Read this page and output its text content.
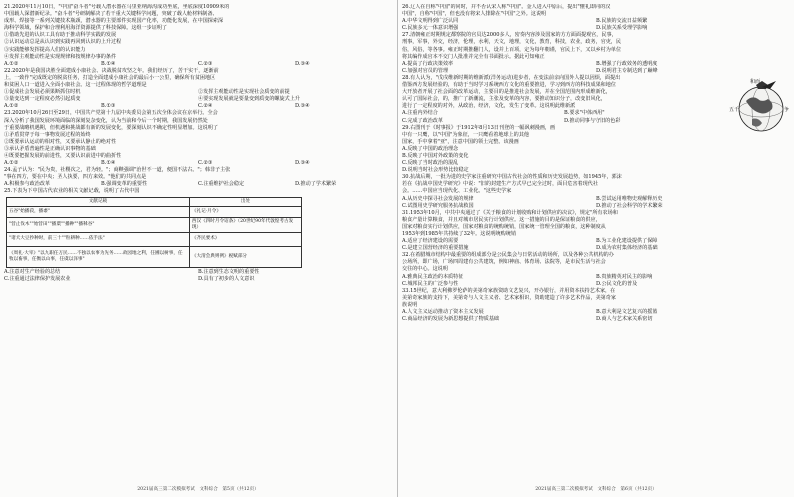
21.2020年11月10日，"中国"奋斗者"号载人潜水器在马里亚纳海沟成功坐底，坐底深度10909米的

中国载人深潜新纪录。"奋斗者"号研制解决了若干重大关键科学问题，突破了载人舱材料制备、

成形、焊接等一系列关键技术瓶颈，潜水器的主要部件实现国产化率，功能化发展，在中国探索深

海科学领域，保护和合理利用海洋资源提供了科技保障。这组一步证明了

①借助先进的认识工具有助于推动科学实践的发展

②认识运动总是从认识到实践再回到认识的上升过程

③实践能够发挥提高人们的认识能力

④发挥主观能动性是实现规律和按规律办事的条件

A.①②	B.①④	C.②③	D.③④

22.2020年是我国决胜全面建成小康社会、决战脱贫攻坚之年。我们经历了，苦干实干，逐渐前

上，一致作"完成既定的脱贫任务，打造全面建成小康社会的最后小一公里，确保所有贫困地区

和贫困人口一道进入全面小康社会。这一过程体现的哲学道理是

①促成社会发展必须果断抓住时机	②发挥主观能动性是实现社会质变的前提
③量变达到一定程度必然引起质变	④要实现发展就是要量变到质变的螺旋式上升
A.①②	B.①③	C.②④	D.③④

23.2020年10月26日至29日，中国共产党第十九届中央委员会第五次全体会议在京举行。全会

深入分析了我国发展环境面临的深刻复杂变化，认为当前和今后一个时期，我国发展仍然处

于重要战略机遇期，但机遇和挑战都有新的发展变化，要深刻认识不确定性明显增加。这说明了

①矛盾贯穿于每一事物发展过程的始终

②既要承认运动的相对性，又要承认静止的绝对性

③承认矛盾普遍性是正确认识事物的基础

④既要把握发展的前进性，又要认识前进中的曲折性

A.①②	B.①④	C.②③	D.③④

24.孟子认为："民为贵，社稷次之，君为轻。"；商鞅强调"治世不一道，便国不法古。"；韩非子主张

"事在四方，要在中央；圣人执要，四方来效。"他们的共同点是

A.积极参与政治改革	B.强调变革的重要性	C.注重维护社会稳定	D.推动了学术繁荣

25.下表为下中国古代农业的相关文献记载，说明了古代中国

文献记载	出处
五谷"始播菽，播黍"	《礼记·月令》
"营止伐木""始营田""播粟""播种""播秫谷"	西汉《四时月令诏条》（20世纪90年代敦煌考古发现）
"诸犬大豆抄种时，前三十""粒耕种……依手法"	《齐民要术》
《周礼·大宰》"以九职任万民……不独以农事为先务……故园地之利，任圃以树事，任牧以畜事，任衡以山事，任虞以泽事"	《大清会典则例》税赋部分
A.注意对生产经验的总结	B.注意到生态文明的重要性
C.注重通过法律保护发展农业	D.具有了初步的人文意识
2021届高三第二次模拟考试　文科综合　第5页（共12页）

26.辽人在自称"中国"的同时，并不否认宋人称"中国"。金人进入中原后，提出"懂礼即同的汉

中国"，自称"中国"，但也没有将宋人排除在"中国"之外。这说明

A.中华文明得到广泛认同	B.民族的交流日益频繁
C.民族多元一体意识增强	D.民族关系受理学影响

27.清朝雍正时期规定都察院的官员达2000多人，密奏内容涉及国家的方方面面提观官，民事，

刑事，军事，外交，经济，伦理，水利，天文，地理，文化，教育，科技，农业，政务，官吏，民

俗，风俗，等各事。雍正时期推翻门人，设并上百项，定为每年朝谨，官民上下，又以乡村为单位

将其编作成官本不交门人批准并完全有书面批示。据此可知雍正

A.提高了行政决策效率	B.增强了行政效务的透明度
C.加强对官员的管理	D.说明君主专制达到了巅峰

28.有人认为，"戊戌维新时期的维新派(洋务运动)进步者，在变法前亲向国外人提以因烦，面提出

借鉴西方发展经验的，有助于当时学习系统西方文化的重要推进，学习到西方的科技成果和地位

大开放者开展了社会面的改革运动，主要目的是推进社会发展，并在全国范围内形成维新化，

认可了国际社会，的，推广了新潮流，主张及变革的内容，要推动知识分子，改变旧风化，

进行了一定程度的对外，从政治，经济，文化，发生了变革。这说明此维新派

A.注重内外结合	B.要求"中体西用"
C.完成了政治改革	D.推动同事与守旧的色彩

29.右图刊于《时事报》于1912年8月13日刊登的一幅讽刺漫画，画

中有一只鹰，以"中国"为象征，一只鹰看着地球上的其他

国家，手中拿着"亚"，注意中国的领土完整。该漫画

A.反映了中国的政治理念

B.反映了中国对外政策的变化

C.反映了当时政治的混乱

D.说明当时社会形势比较稳定

和而
五千	争

30.抗战后期，一批为进的史学家注重研究中国古代社会的性质和历史发展趋势，如1945年，郭沫

若在《抗战中国史学研究》中说："旧的封建生产方式早已完全过时，面目危害着现代社

会。……中国应当现代化、工业化。"这些史学家

A.从历史中探寻社会发展的规律	B.尝试运用唯物史观解释历史
C.试图用史学研究服务抗战救国	D.推动了社会科学的学术繁荣

31.1953年10月，中共中央通过了《关于粮食的计划收购和计划供应的决议》，规定"所有农场和

粮食产量计算粮食，并且对城市居民实行计划供应。这一措施的目的是保证粮食的供应，

国家对粮食实行计划供应，国家对粮食的统购统销，国家统一管理全国的粮食，这种制度从

1953年到1985年共持续了32年。这说明统购统销

A.适应了经济建设的需要	B.为工业化建设提供了保障
C.是建立国营经济的重要措施	D.成为农村集体经济的基础

32.在希腊城市结构中最重要的组成部分是公民集会与日常活动的场所，以及各种公共机构的办

公场所，即广场，广场四周建有公共建筑，例如神庙、体育场、法院等，是市民生活与社会

交往的中心。这说明

A.雅典民主政治的本质特征	B.贵族精英对民主的影响
C.城邦民主的广泛参与性	D.公民文化的普及

33.15世纪，意大利佛罗伦萨的美第奇家族资助文艺复兴，开办银行，并用资本扶持艺术家，在

美第奇家族的支持下，美第奇与人文主义者、艺术家相识，资助建造了许多艺术作品，美第奇家

族说明

A.人文主义运动推动了资本主义发展	B.意大利是文艺复兴的摇篮
C.商品经济的发展为新思想提供了物质基础	D.商人与艺术家关系密切
2021届高三第二次模拟考试　文科综合　第6页（共12页）
